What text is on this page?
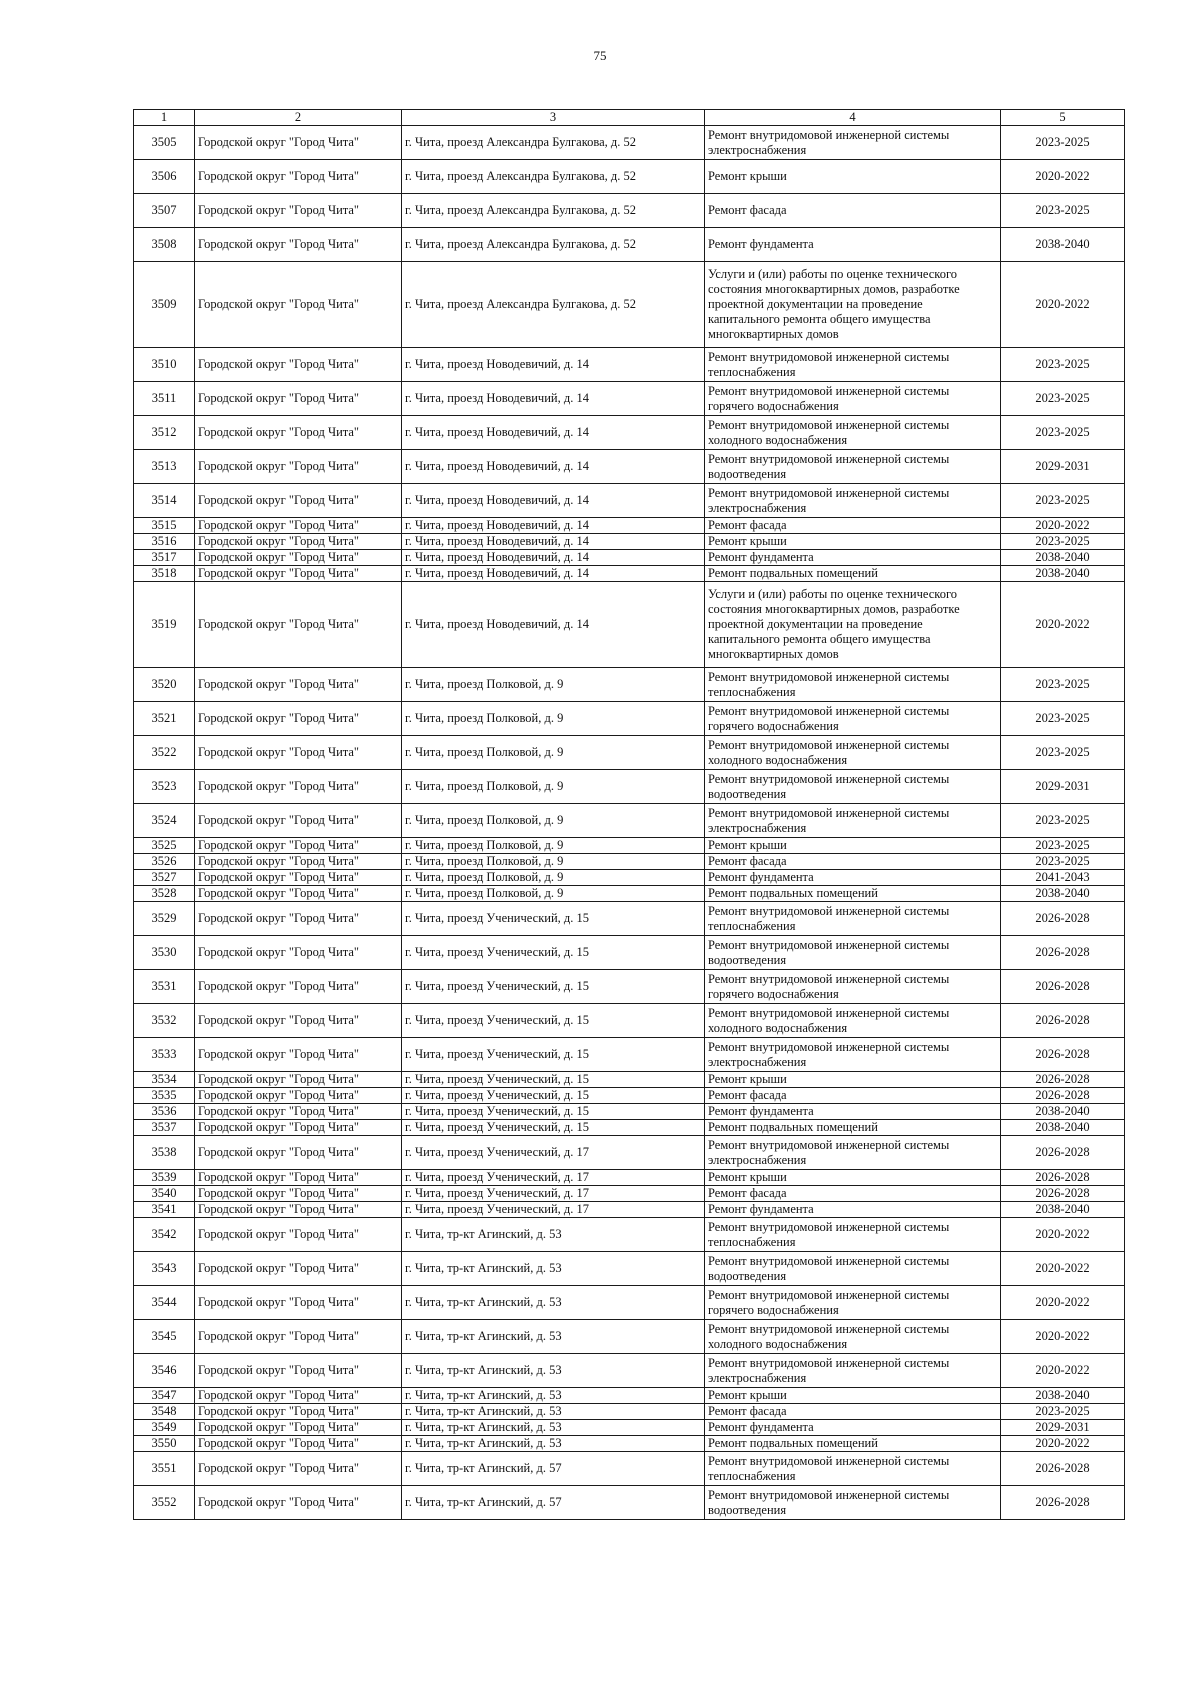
75
1	2	3	4	5
3505	Городской округ "Город Чита"	г. Чита, проезд Александра Булгакова, д. 52	Ремонт внутридомовой инженерной системы электроснабжения	2023-2025
3506	Городской округ "Город Чита"	г. Чита, проезд Александра Булгакова, д. 52	Ремонт крыши	2020-2022
3507	Городской округ "Город Чита"	г. Чита, проезд Александра Булгакова, д. 52	Ремонт фасада	2023-2025
3508	Городской округ "Город Чита"	г. Чита, проезд Александра Булгакова, д. 52	Ремонт фундамента	2038-2040
3509	Городской округ "Город Чита"	г. Чита, проезд Александра Булгакова, д. 52	Услуги и (или) работы по оценке технического состояния многоквартирных домов, разработке проектной документации на проведение капитального ремонта общего имущества многоквартирных домов	2020-2022
3510	Городской округ "Город Чита"	г. Чита, проезд Новодевичий, д. 14	Ремонт внутридомовой инженерной системы теплоснабжения	2023-2025
3511	Городской округ "Город Чита"	г. Чита, проезд Новодевичий, д. 14	Ремонт внутридомовой инженерной системы горячего водоснабжения	2023-2025
3512	Городской округ "Город Чита"	г. Чита, проезд Новодевичий, д. 14	Ремонт внутридомовой инженерной системы холодного водоснабжения	2023-2025
3513	Городской округ "Город Чита"	г. Чита, проезд Новодевичий, д. 14	Ремонт внутридомовой инженерной системы водоотведения	2029-2031
3514	Городской округ "Город Чита"	г. Чита, проезд Новодевичий, д. 14	Ремонт внутридомовой инженерной системы электроснабжения	2023-2025
3515	Городской округ "Город Чита"	г. Чита, проезд Новодевичий, д. 14	Ремонт фасада	2020-2022
3516	Городской округ "Город Чита"	г. Чита, проезд Новодевичий, д. 14	Ремонт крыши	2023-2025
3517	Городской округ "Город Чита"	г. Чита, проезд Новодевичий, д. 14	Ремонт фундамента	2038-2040
3518	Городской округ "Город Чита"	г. Чита, проезд Новодевичий, д. 14	Ремонт подвальных помещений	2038-2040
3519	Городской округ "Город Чита"	г. Чита, проезд Новодевичий, д. 14	Услуги и (или) работы по оценке технического состояния многоквартирных домов, разработке проектной документации на проведение капитального ремонта общего имущества многоквартирных домов	2020-2022
3520	Городской округ "Город Чита"	г. Чита, проезд Полковой, д. 9	Ремонт внутридомовой инженерной системы теплоснабжения	2023-2025
3521	Городской округ "Город Чита"	г. Чита, проезд Полковой, д. 9	Ремонт внутридомовой инженерной системы горячего водоснабжения	2023-2025
3522	Городской округ "Город Чита"	г. Чита, проезд Полковой, д. 9	Ремонт внутридомовой инженерной системы холодного водоснабжения	2023-2025
3523	Городской округ "Город Чита"	г. Чита, проезд Полковой, д. 9	Ремонт внутридомовой инженерной системы водоотведения	2029-2031
3524	Городской округ "Город Чита"	г. Чита, проезд Полковой, д. 9	Ремонт внутридомовой инженерной системы электроснабжения	2023-2025
3525	Городской округ "Город Чита"	г. Чита, проезд Полковой, д. 9	Ремонт крыши	2023-2025
3526	Городской округ "Город Чита"	г. Чита, проезд Полковой, д. 9	Ремонт фасада	2023-2025
3527	Городской округ "Город Чита"	г. Чита, проезд Полковой, д. 9	Ремонт фундамента	2041-2043
3528	Городской округ "Город Чита"	г. Чита, проезд Полковой, д. 9	Ремонт подвальных помещений	2038-2040
3529	Городской округ "Город Чита"	г. Чита, проезд Ученический, д. 15	Ремонт внутридомовой инженерной системы теплоснабжения	2026-2028
3530	Городской округ "Город Чита"	г. Чита, проезд Ученический, д. 15	Ремонт внутридомовой инженерной системы водоотведения	2026-2028
3531	Городской округ "Город Чита"	г. Чита, проезд Ученический, д. 15	Ремонт внутридомовой инженерной системы горячего водоснабжения	2026-2028
3532	Городской округ "Город Чита"	г. Чита, проезд Ученический, д. 15	Ремонт внутридомовой инженерной системы холодного водоснабжения	2026-2028
3533	Городской округ "Город Чита"	г. Чита, проезд Ученический, д. 15	Ремонт внутридомовой инженерной системы электроснабжения	2026-2028
3534	Городской округ "Город Чита"	г. Чита, проезд Ученический, д. 15	Ремонт крыши	2026-2028
3535	Городской округ "Город Чита"	г. Чита, проезд Ученический, д. 15	Ремонт фасада	2026-2028
3536	Городской округ "Город Чита"	г. Чита, проезд Ученический, д. 15	Ремонт фундамента	2038-2040
3537	Городской округ "Город Чита"	г. Чита, проезд Ученический, д. 15	Ремонт подвальных помещений	2038-2040
3538	Городской округ "Город Чита"	г. Чита, проезд Ученический, д. 17	Ремонт внутридомовой инженерной системы электроснабжения	2026-2028
3539	Городской округ "Город Чита"	г. Чита, проезд Ученический, д. 17	Ремонт крыши	2026-2028
3540	Городской округ "Город Чита"	г. Чита, проезд Ученический, д. 17	Ремонт фасада	2026-2028
3541	Городской округ "Город Чита"	г. Чита, проезд Ученический, д. 17	Ремонт фундамента	2038-2040
3542	Городской округ "Город Чита"	г. Чита, тр-кт Агинский, д. 53	Ремонт внутридомовой инженерной системы теплоснабжения	2020-2022
3543	Городской округ "Город Чита"	г. Чита, тр-кт Агинский, д. 53	Ремонт внутридомовой инженерной системы водоотведения	2020-2022
3544	Городской округ "Город Чита"	г. Чита, тр-кт Агинский, д. 53	Ремонт внутридомовой инженерной системы горячего водоснабжения	2020-2022
3545	Городской округ "Город Чита"	г. Чита, тр-кт Агинский, д. 53	Ремонт внутридомовой инженерной системы холодного водоснабжения	2020-2022
3546	Городской округ "Город Чита"	г. Чита, тр-кт Агинский, д. 53	Ремонт внутридомовой инженерной системы электроснабжения	2020-2022
3547	Городской округ "Город Чита"	г. Чита, тр-кт Агинский, д. 53	Ремонт крыши	2038-2040
3548	Городской округ "Город Чита"	г. Чита, тр-кт Агинский, д. 53	Ремонт фасада	2023-2025
3549	Городской округ "Город Чита"	г. Чита, тр-кт Агинский, д. 53	Ремонт фундамента	2029-2031
3550	Городской округ "Город Чита"	г. Чита, тр-кт Агинский, д. 53	Ремонт подвальных помещений	2020-2022
3551	Городской округ "Город Чита"	г. Чита, тр-кт Агинский, д. 57	Ремонт внутридомовой инженерной системы теплоснабжения	2026-2028
3552	Городской округ "Город Чита"	г. Чита, тр-кт Агинский, д. 57	Ремонт внутридомовой инженерной системы водоотведения	2026-2028
